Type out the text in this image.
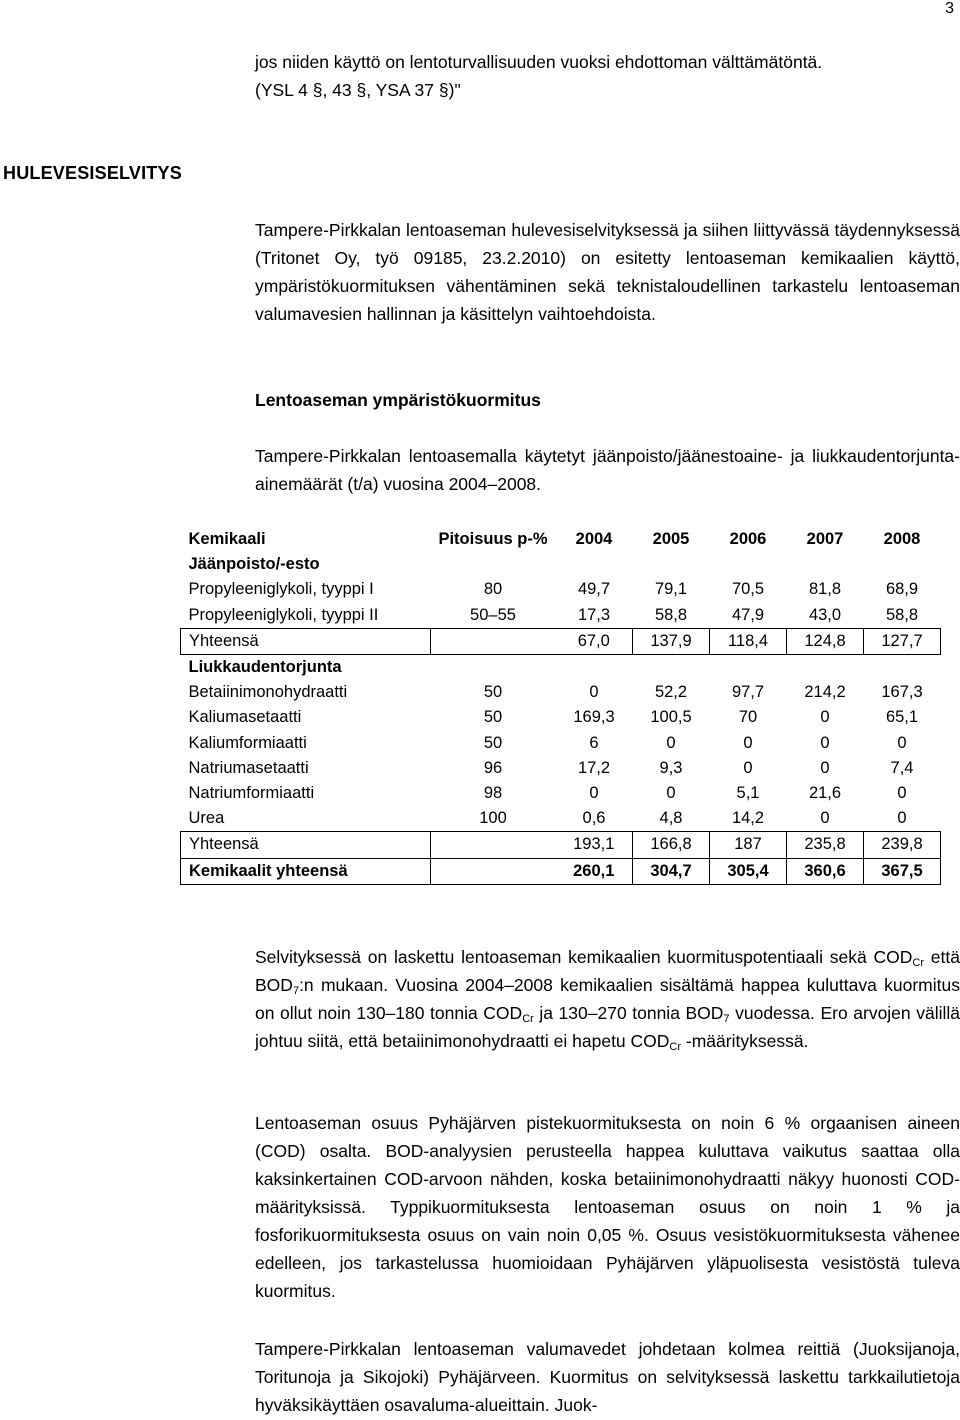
3
jos niiden käyttö on lentoturvallisuuden vuoksi ehdottoman välttämätöntä.
(YSL 4 §, 43 §, YSA 37 §)"
HULEVESISELVITYS
Tampere-Pirkkalan lentoaseman hulevesiselvityksessä ja siihen liittyvässä täydennyksessä (Tritonet Oy, työ 09185, 23.2.2010) on esitetty lentoaseman kemikaalien käyttö, ympäristökuormituksen vähentäminen sekä teknistaloudellinen tarkastelu lentoaseman valumavesien hallinnan ja käsittelyn vaihtoehdoista.
Lentoaseman ympäristökuormitus
Tampere-Pirkkalan lentoasemalla käytetyt jäänpoisto/jäänestoaine- ja liukkaudentorjunta-ainemäärät (t/a) vuosina 2004–2008.
Kemikaali	Pitoisuus p-%	2004	2005	2006	2007	2008
Jäänpoisto/-esto						
Propyleeniglykoli, tyyppi I	80	49,7	79,1	70,5	81,8	68,9
Propyleeniglykoli, tyyppi II	50–55	17,3	58,8	47,9	43,0	58,8
Yhteensä		67,0	137,9	118,4	124,8	127,7
Liukkaudentorjunta						
Betaiinimonohydraatti	50	0	52,2	97,7	214,2	167,3
Kaliumasetaatti	50	169,3	100,5	70	0	65,1
Kaliumformiaatti	50	6	0	0	0	0
Natriumasetaatti	96	17,2	9,3	0	0	7,4
Natriumformiaatti	98	0	0	5,1	21,6	0
Urea	100	0,6	4,8	14,2	0	0
Yhteensä		193,1	166,8	187	235,8	239,8
Kemikaalit yhteensä		260,1	304,7	305,4	360,6	367,5
Selvityksessä on laskettu lentoaseman kemikaalien kuormituspotentiaali sekä $COD_{Cr}$ että $BOD_7:n$ mukaan. Vuosina 2004–2008 kemikaalien sisältämä happea kuluttava kuormitus on ollut noin 130–180 tonnia $COD_{Cr}$ ja 130–270 tonnia $BOD_7$ vuodessa. Ero arvojen välillä johtuu siitä, että betaiinimonohydraatti ei hapetu $COD_{Cr}$ -määrityksessä.
Lentoaseman osuus Pyhäjärven pistekuormituksesta on noin 6 % orgaanisen aineen (COD) osalta. BOD-analyysien perusteella happea kuluttava vaikutus saattaa olla kaksinkertainen COD-arvoon nähden, koska betaiinimonohydraatti näkyy huonosti COD-määrityksissä. Typpikuormituksesta lentoaseman osuus on noin 1 % ja fosforikuormituksesta osuus on vain noin 0,05 %. Osuus vesistökuormituksesta vähenee edelleen, jos tarkastelussa huomioidaan Pyhäjärven yläpuolisesta vesistöstä tuleva kuormitus.
Tampere-Pirkkalan lentoaseman valumavedet johdetaan kolmea reittiä (Juoksijanoja, Toritunoja ja Sikojoki) Pyhäjärveen. Kuormitus on selvityksessä laskettu tarkkailutietoja hyväksikäyttäen osavaluma-alueittain. Juok-
